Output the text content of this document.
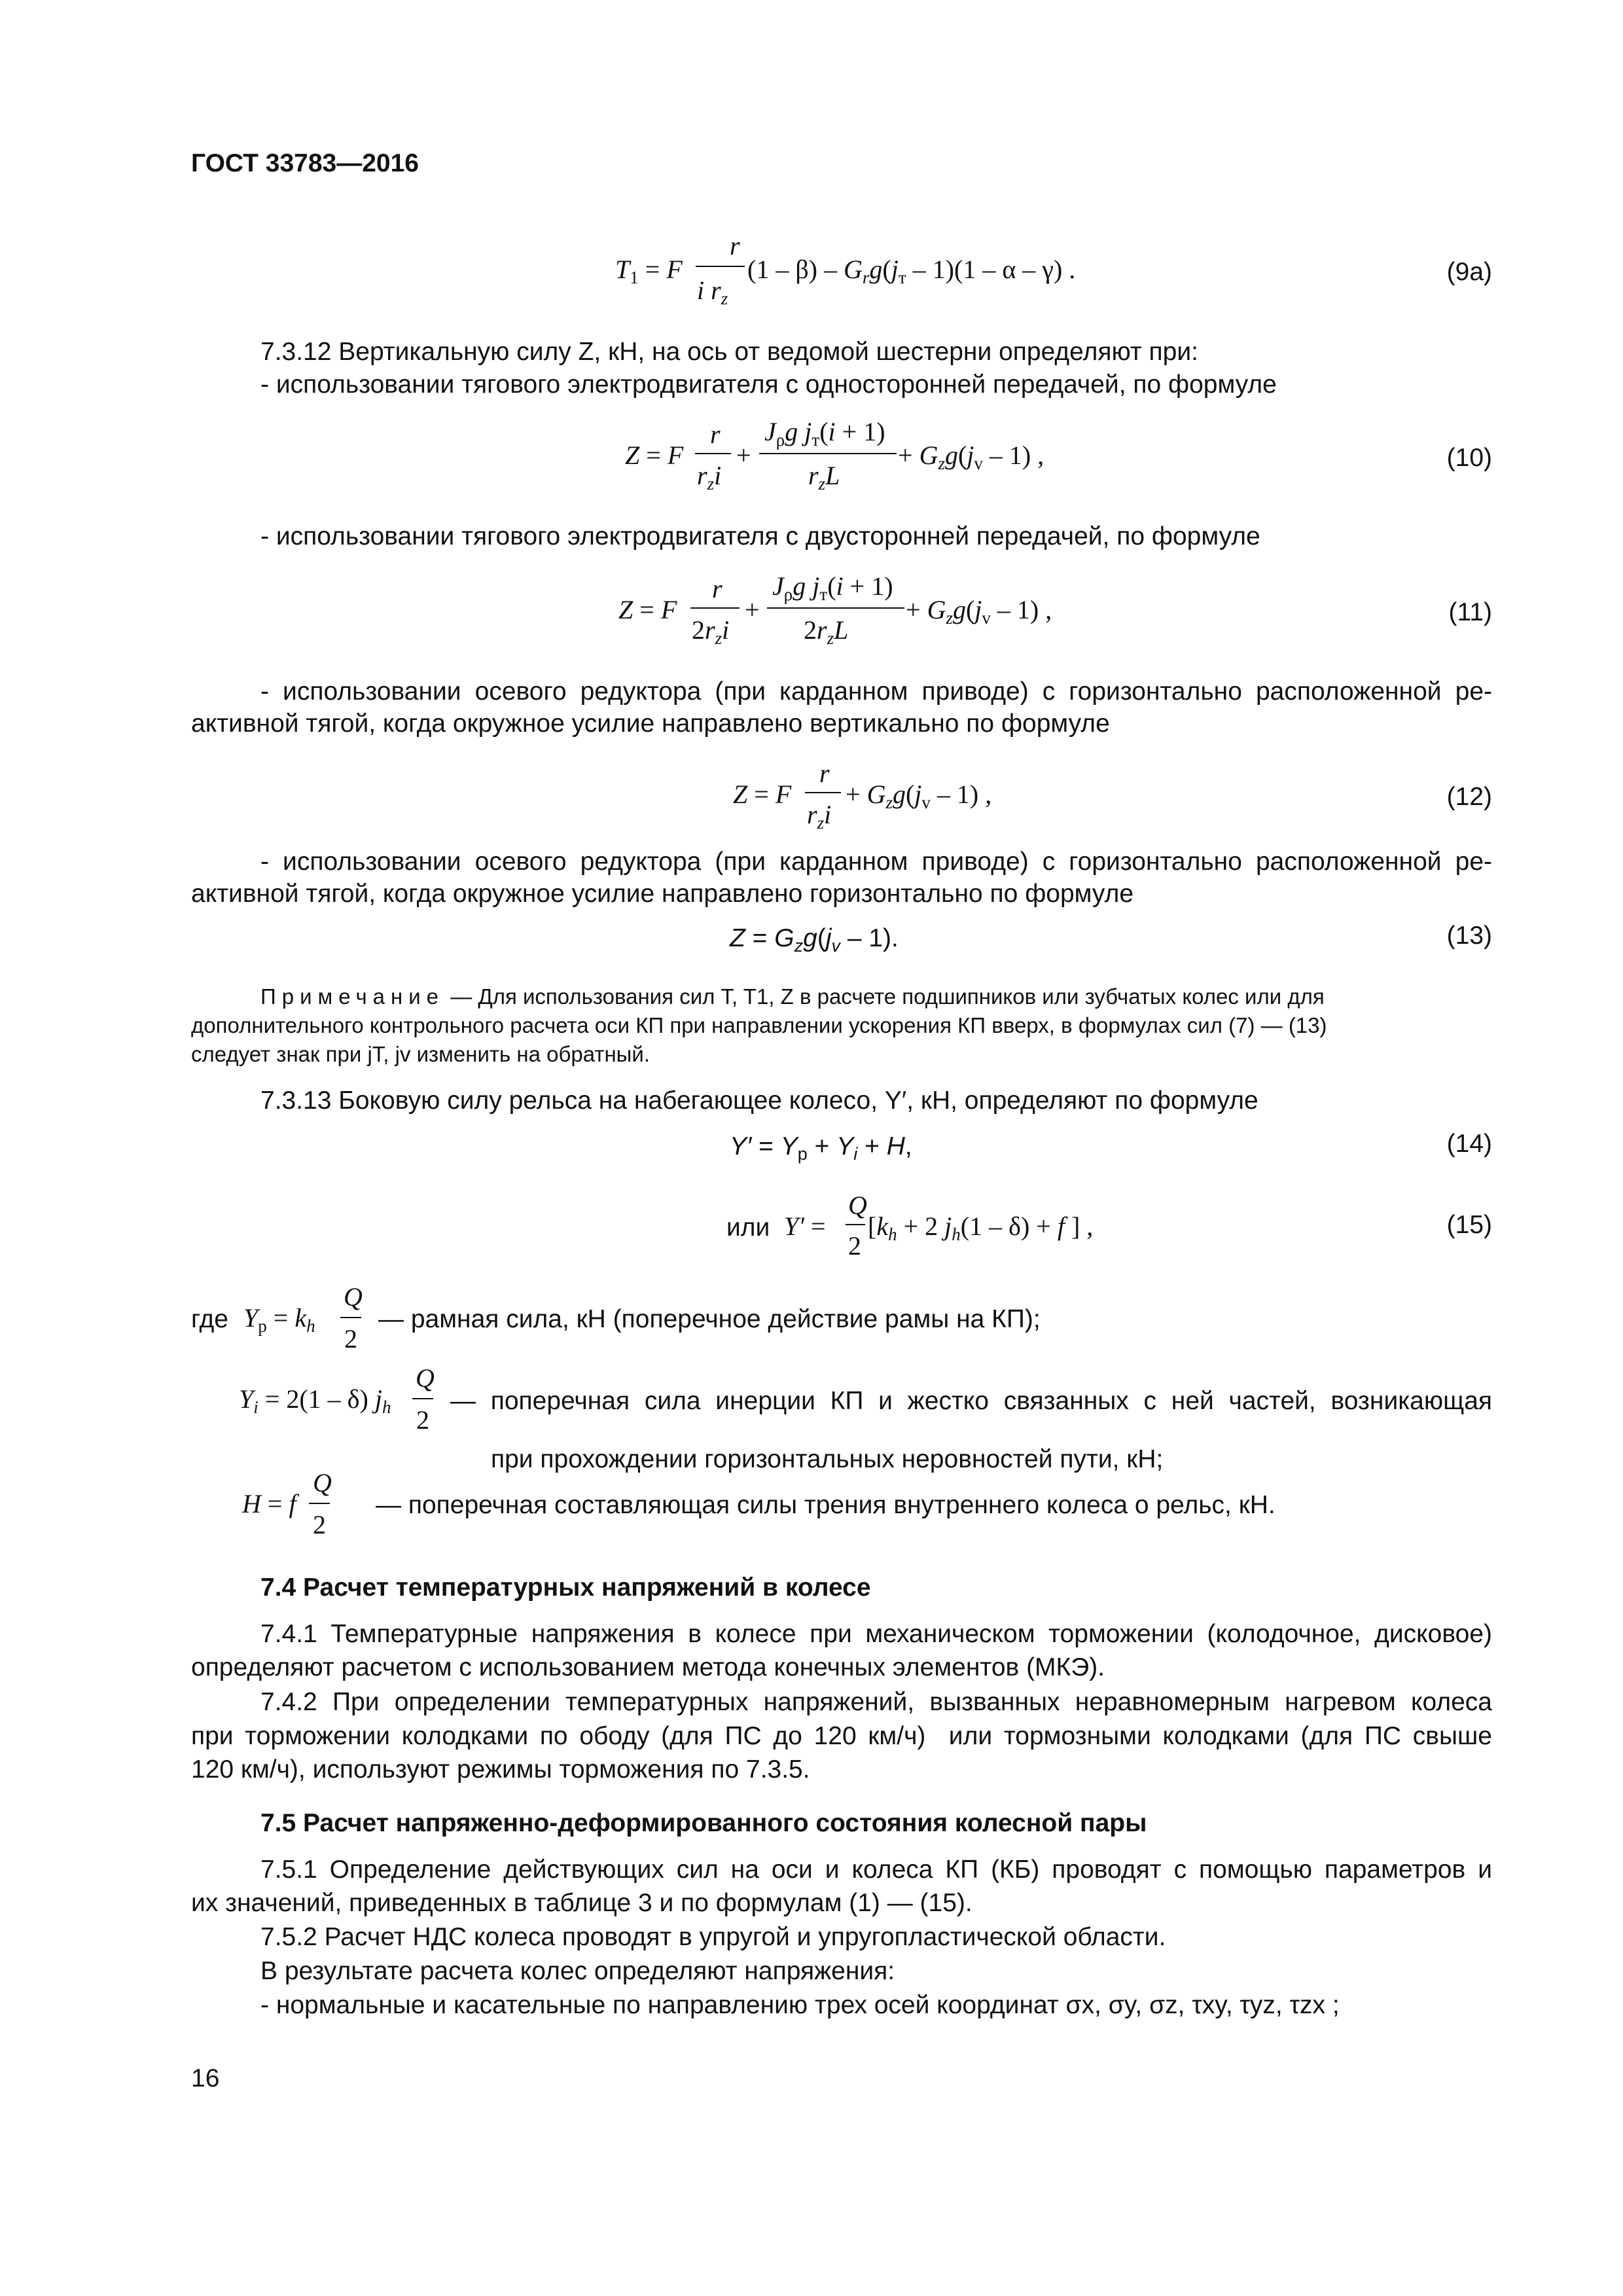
ГОСТ 33783—2016
$T_1 = F$
r
i $r_z$
$(1 - \beta) - G_rg(j_т - 1)(1$ – α – γ) .	(9а)
7.3.12 Вертикальную силу Z, кН, на ось от ведомой шестерни определяют при:
- использовании тягового электродвигателя с односторонней передачей, по формуле
Z = F
r
$r_zi$
+
$J_\rho g$ $j_т(i + 1)$
$r_zL$
+ $G_zg(j_v - 1)$ ,	(10)
- использовании тягового электродвигателя с двусторонней передачей, по формуле
Z = F
r
$2r_zi$
+
$J_\rho g$ $j_т(i + 1)$
$2r_zL$
+ $G_zg(j_v - 1)$ ,	(11)
- использовании осевого редуктора (при карданном приводе) с горизонтально расположенной ре-
активной тягой, когда окружное усилие направлено вертикально по формуле
Z = F
r
$r_zi$
+ $G_zg(j_v - 1)$ ,	(12)
- использовании осевого редуктора (при карданном приводе) с горизонтально расположенной ре-
активной тягой, когда окружное усилие направлено горизонтально по формуле
$Z = G_zg(j_v - 1)$.	(13)
Примечание — Для использования сил T, T1, Z в расчете подшипников или зубчатых колес или для
дополнительного контрольного расчета оси КП при направлении ускорения КП вверх, в формулах сил (7) — (13)
следует знак при jT, jv изменить на обратный.
7.3.13 Боковую силу рельса на набегающее колесо, Y′, кН, определяют по формуле
$Y' = Y_р + Y_i + H$,	(14)
или Y′ =
Q
2
[$k_h + 2$ $j_h(1 - \delta) + f$ ] ,	(15)
где $Y_р = k_h$
Q
2
— рамная сила, кН (поперечное действие рамы на КП);
$Y_i = 2(1 - \delta)$ $j_h$
Q
2
— поперечная сила инерции КП и жестко связанных с ней частей, возникающая
при прохождении горизонтальных неровностей пути, кН;
H = f
Q
2
— поперечная составляющая силы трения внутреннего колеса о рельс, кН.
7.4 Расчет температурных напряжений в колесе
7.4.1 Температурные напряжения в колесе при механическом торможении (колодочное, дисковое)
определяют расчетом с использованием метода конечных элементов (МКЭ).
7.4.2 При определении температурных напряжений, вызванных неравномерным нагревом колеса
при торможении колодками по ободу (для ПС до 120 км/ч)  или тормозными колодками (для ПС свыше
120 км/ч), используют режимы торможения по 7.3.5.
7.5 Расчет напряженно-деформированного состояния колесной пары
7.5.1 Определение действующих сил на оси и колеса КП (КБ) проводят с помощью параметров и
их значений, приведенных в таблице 3 и по формулам (1) — (15).
7.5.2 Расчет НДС колеса проводят в упругой и упругопластической области.
В результате расчета колес определяют напряжения:
- нормальные и касательные по направлению трех осей координат σx, σy, σz, τxy, τyz, τzx ;
16
